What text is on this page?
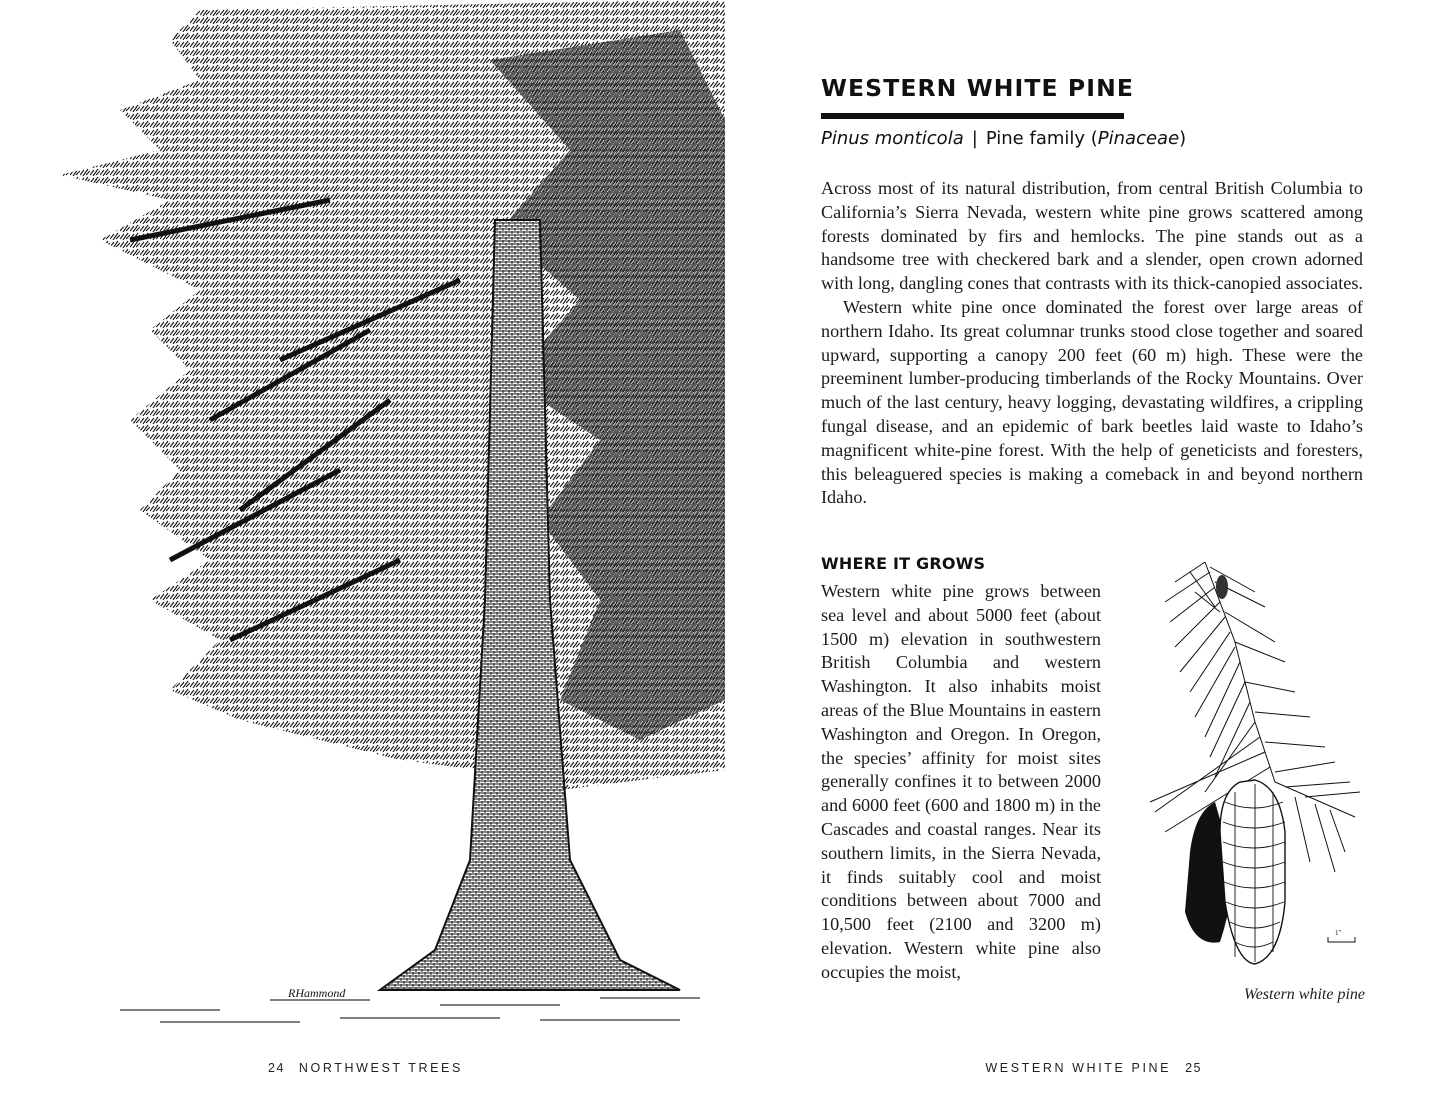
RHammond
24 NORTHWEST TREES
WESTERN WHITE PINE
Pinus monticola | Pine family (Pinaceae)

Across most of its natural distribution, from central British Columbia to California’s Sierra Nevada, western white pine grows scattered among forests dominated by firs and hemlocks. The pine stands out as a handsome tree with checkered bark and a slender, open crown adorned with long, dangling cones that contrasts with its thick-canopied associates.

Western white pine once dominated the forest over large areas of northern Idaho. Its great columnar trunks stood close together and soared upward, supporting a canopy 200 feet (60 m) high. These were the preeminent lumber-producing timberlands of the Rocky Mountains. Over much of the last century, heavy logging, devastating wildfires, a crippling fungal disease, and an epidemic of bark beetles laid waste to Idaho’s magnificent white-pine forest. With the help of geneticists and foresters, this beleaguered species is making a comeback in and beyond northern Idaho.

WHERE IT GROWS

Western white pine grows between sea level and about 5000 feet (about 1500 m) elevation in southwestern British Columbia and western Washington. It also inhabits moist areas of the Blue Mountains in eastern Washington and Oregon. In Oregon, the species’ affinity for moist sites generally confines it to between 2000 and 6000 feet (600 and 1800 m) in the Cascades and coastal ranges. Near its southern limits, in the Sierra Nevada, it finds suitably cool and moist conditions between about 7000 and 10,500 feet (2100 and 3200 m) elevation. Western white pine also occupies the moist,

1"
Western white pine
WESTERN WHITE PINE 25
